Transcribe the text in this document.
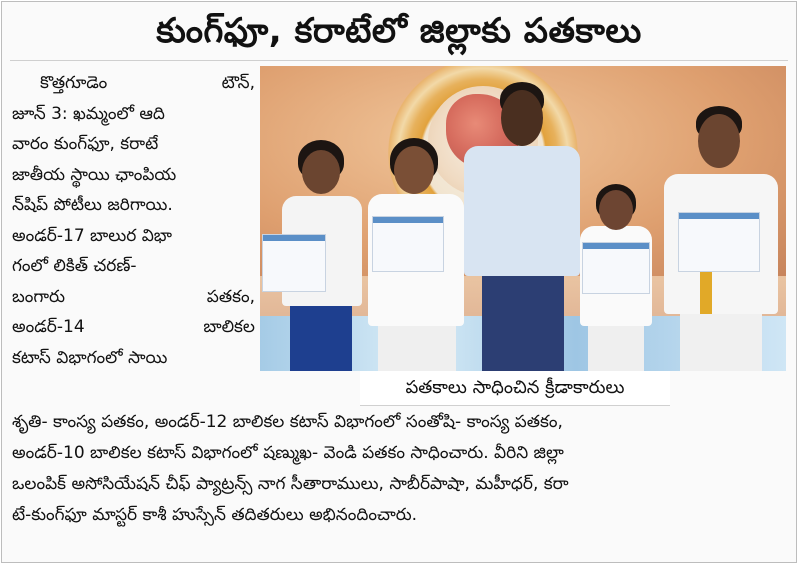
కుంగ్‌ఫూ, కరాటేలో జిల్లాకు పతకాలు
కొత్తగూడెం	టౌన్,
జూన్ 3: ఖమ్మంలో ఆది
వారం కుంగ్‌ఫూ, కరాటే
జాతీయ స్థాయి ఛాంపియ
న్‌షిప్ పోటీలు జరిగాయి.
అండర్‌-17 బాలుర విభా
గంలో లికిత్ చరణ్‌-
బంగారు	పతకం,
అండర్‌-14	బాలికల
కటాస్ విభాగంలో సాయి
పతకాలు సాధించిన క్రీడాకారులు
శృతి- కాంస్య పతకం, అండర్‌-12 బాలికల కటాస్ విభాగంలో సంతోషి- కాంస్య పతకం,
అండర్‌-10 బాలికల కటాస్ విభాగంలో షణ్ముఖ- వెండి పతకం సాధించారు. వీరిని జిల్లా
ఒలంపిక్ అసోసియేషన్ చీఫ్ ప్యాట్రన్స్ నాగ సీతారాములు, సాబీర్‌పాషా, మహీధర్, కరా
టే-కుంగ్‌ఫూ మాస్టర్ కాశీ హుస్సేన్ తదితరులు అభినందించారు.
